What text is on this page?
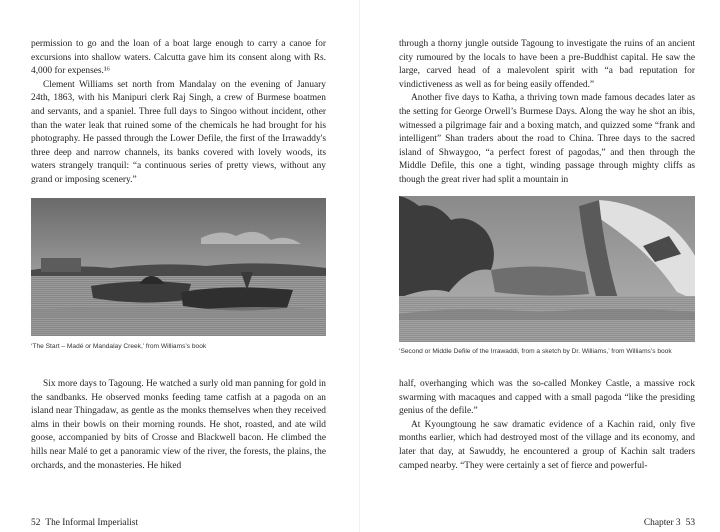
permission to go and the loan of a boat large enough to carry a canoe for excursions into shallow waters. Calcutta gave him its consent along with Rs. 4,000 for expenses.¹⁶

Clement Williams set north from Mandalay on the evening of January 24th, 1863, with his Manipuri clerk Raj Singh, a crew of Burmese boatmen and servants, and a spaniel. Three full days to Singoo without incident, other than the water leak that ruined some of the chemicals he had brought for his photography. He passed through the Lower Defile, the first of the Irrawaddy's three deep and narrow channels, its banks covered with lovely woods, its waters strangely tranquil: “a continuous series of pretty views, without any grand or imposing scenery.”

‘The Start – Madé or Mandalay Creek,’ from Williams’s book

Six more days to Tagoung. He watched a surly old man panning for gold in the sandbanks. He observed monks feeding tame catfish at a pagoda on an island near Thingadaw, as gentle as the monks themselves when they received alms in their bowls on their morning rounds. He shot, roasted, and ate wild goose, accompanied by bits of Crosse and Blackwell bacon. He climbed the hills near Malé to get a panoramic view of the river, the forests, the plains, the orchards, and the monasteries. He hiked

52 The Informal Imperialist

through a thorny jungle outside Tagoung to investigate the ruins of an ancient city rumoured by the locals to have been a pre-Buddhist capital. He saw the large, carved head of a malevolent spirit with “a bad reputation for vindictiveness as well as for being easily offended.”

Another five days to Katha, a thriving town made famous decades later as the setting for George Orwell’s Burmese Days. Along the way he shot an ibis, witnessed a pilgrimage fair and a boxing match, and quizzed some “frank and intelligent” Shan traders about the road to China. Three days to the sacred island of Shwaygoo, “a perfect forest of pagodas,” and then through the Middle Defile, this one a tight, winding passage through mighty cliffs as though the great river had split a mountain in

‘Second or Middle Defile of the Irrawaddi, from a sketch by Dr. Williams,’ from Williams’s book

half, overhanging which was the so-called Monkey Castle, a massive rock swarming with macaques and capped with a small pagoda “like the presiding genius of the defile.”

At Kyoungtoung he saw dramatic evidence of a Kachin raid, only five months earlier, which had destroyed most of the village and its economy, and later that day, at Sawuddy, he encountered a group of Kachin salt traders camped nearby. “They were certainly a set of fierce and powerful-

Chapter 3 53
